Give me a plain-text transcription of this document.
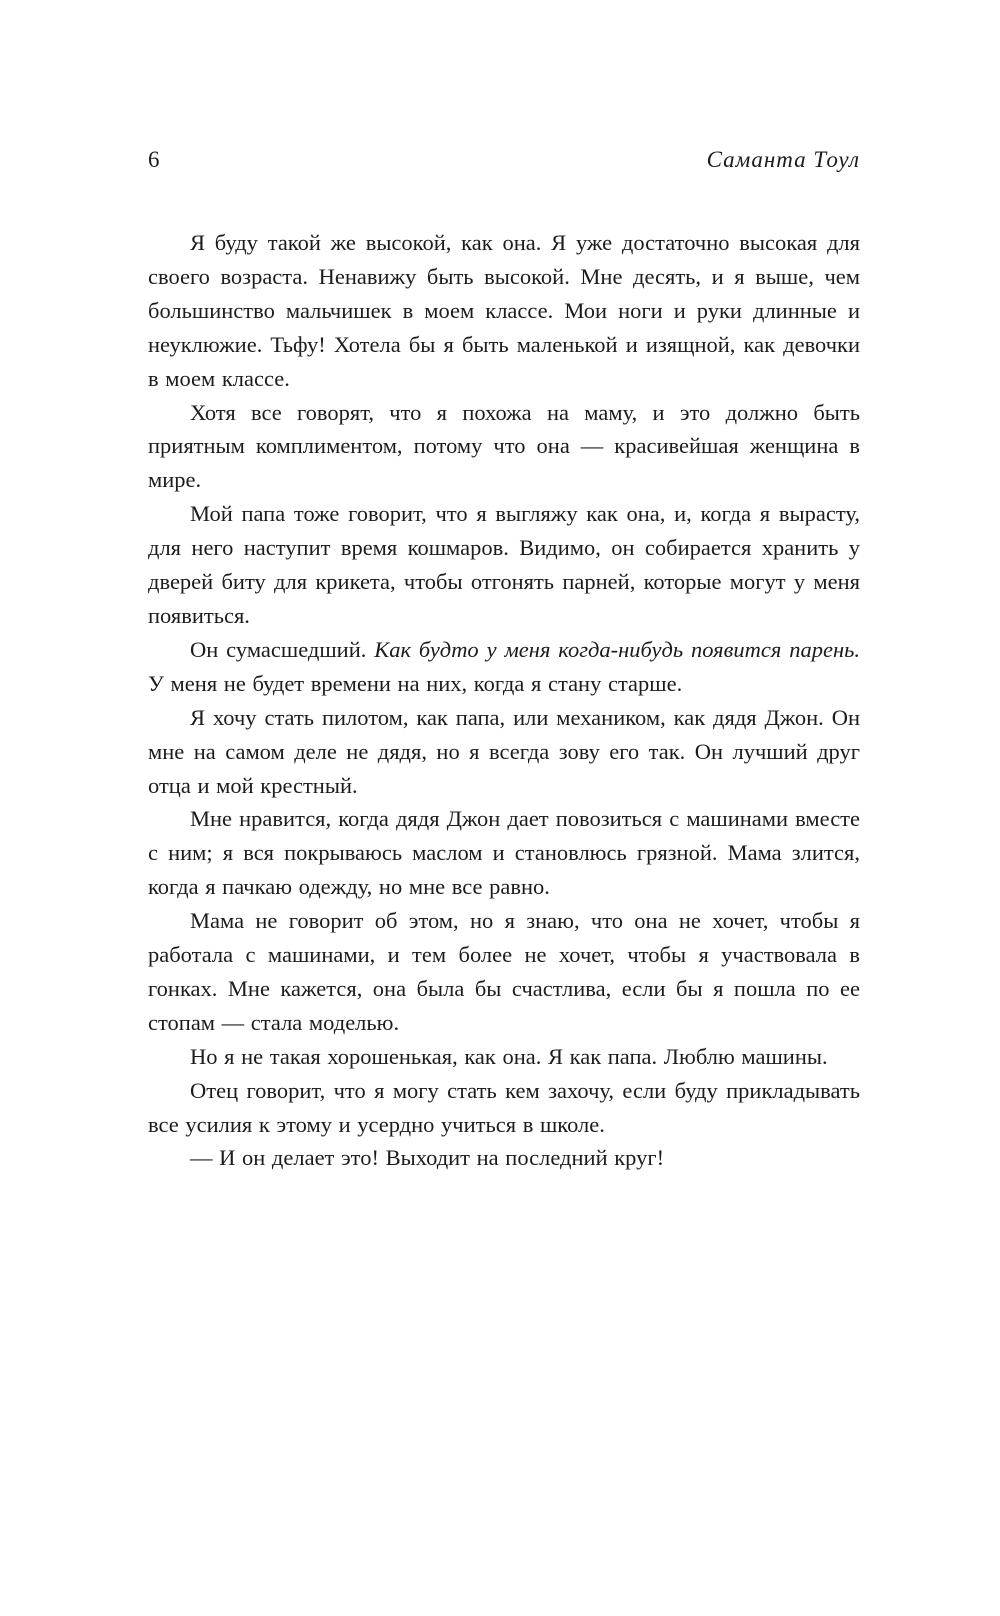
6	Саманта Тоул

Я буду такой же высокой, как она. Я уже достаточно высокая для своего возраста. Ненавижу быть высокой. Мне десять, и я выше, чем большинство мальчишек в моем классе. Мои ноги и руки длинные и неуклюжие. Тьфу! Хотела бы я быть маленькой и изящной, как девочки в моем классе.

Хотя все говорят, что я похожа на маму, и это должно быть приятным комплиментом, потому что она — красивейшая женщина в мире.

Мой папа тоже говорит, что я выгляжу как она, и, когда я вырасту, для него наступит время кошмаров. Видимо, он собирается хранить у дверей биту для крикета, чтобы отгонять парней, которые могут у меня появиться.

Он сумасшедший. Как будто у меня когда-нибудь появится парень. У меня не будет времени на них, когда я стану старше.

Я хочу стать пилотом, как папа, или механиком, как дядя Джон. Он мне на самом деле не дядя, но я всегда зову его так. Он лучший друг отца и мой крестный.

Мне нравится, когда дядя Джон дает повозиться с машинами вместе с ним; я вся покрываюсь маслом и становлюсь грязной. Мама злится, когда я пачкаю одежду, но мне все равно.

Мама не говорит об этом, но я знаю, что она не хочет, чтобы я работала с машинами, и тем более не хочет, чтобы я участвовала в гонках. Мне кажется, она была бы счастлива, если бы я пошла по ее стопам — стала моделью.

Но я не такая хорошенькая, как она. Я как папа. Люблю машины.

Отец говорит, что я могу стать кем захочу, если буду прикладывать все усилия к этому и усердно учиться в школе.

— И он делает это! Выходит на последний круг!
